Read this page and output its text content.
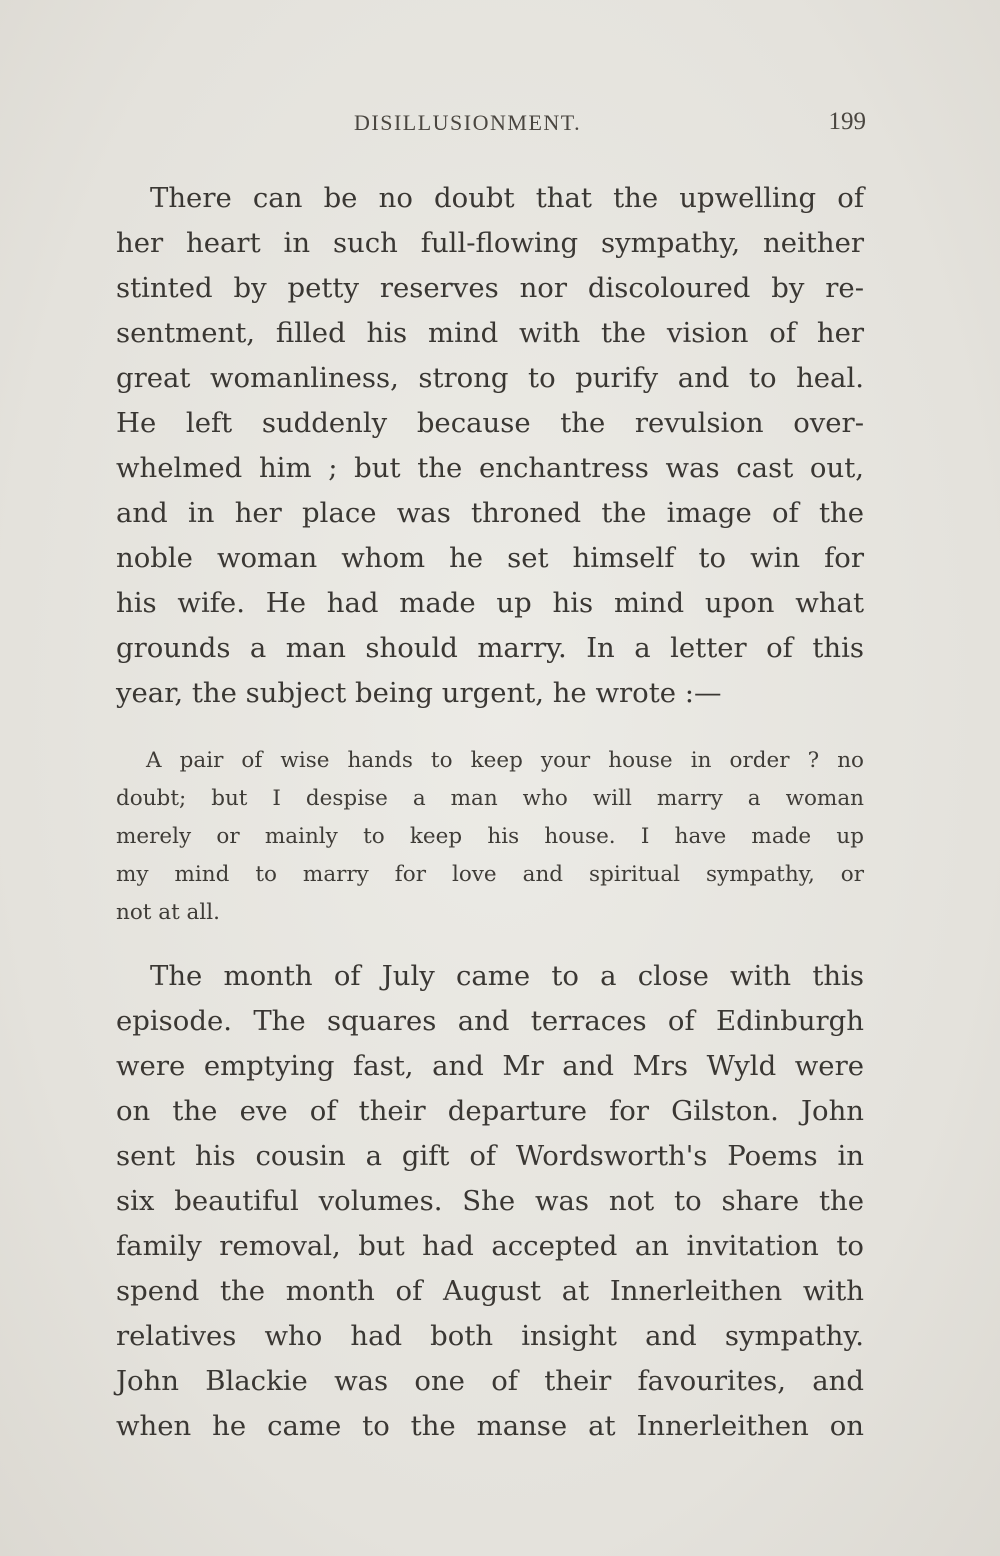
DISILLUSIONMENT.	199

There can be no doubt that the upwelling of
her heart in such full-flowing sympathy, neither
stinted by petty reserves nor discoloured by re-
sentment, filled his mind with the vision of her
great womanliness, strong to purify and to heal.
He left suddenly because the revulsion over-
whelmed him ; but the enchantress was cast out,
and in her place was throned the image of the
noble woman whom he set himself to win for
his wife. He had made up his mind upon what
grounds a man should marry. In a letter of this
year, the subject being urgent, he wrote :—

A pair of wise hands to keep your house in order ? no
doubt; but I despise a man who will marry a woman
merely or mainly to keep his house. I have made up
my mind to marry for love and spiritual sympathy, or
not at all.

The month of July came to a close with this
episode. The squares and terraces of Edinburgh
were emptying fast, and Mr and Mrs Wyld were
on the eve of their departure for Gilston. John
sent his cousin a gift of Wordsworth's Poems in
six beautiful volumes. She was not to share the
family removal, but had accepted an invitation to
spend the month of August at Innerleithen with
relatives who had both insight and sympathy.
John Blackie was one of their favourites, and
when he came to the manse at Innerleithen on
